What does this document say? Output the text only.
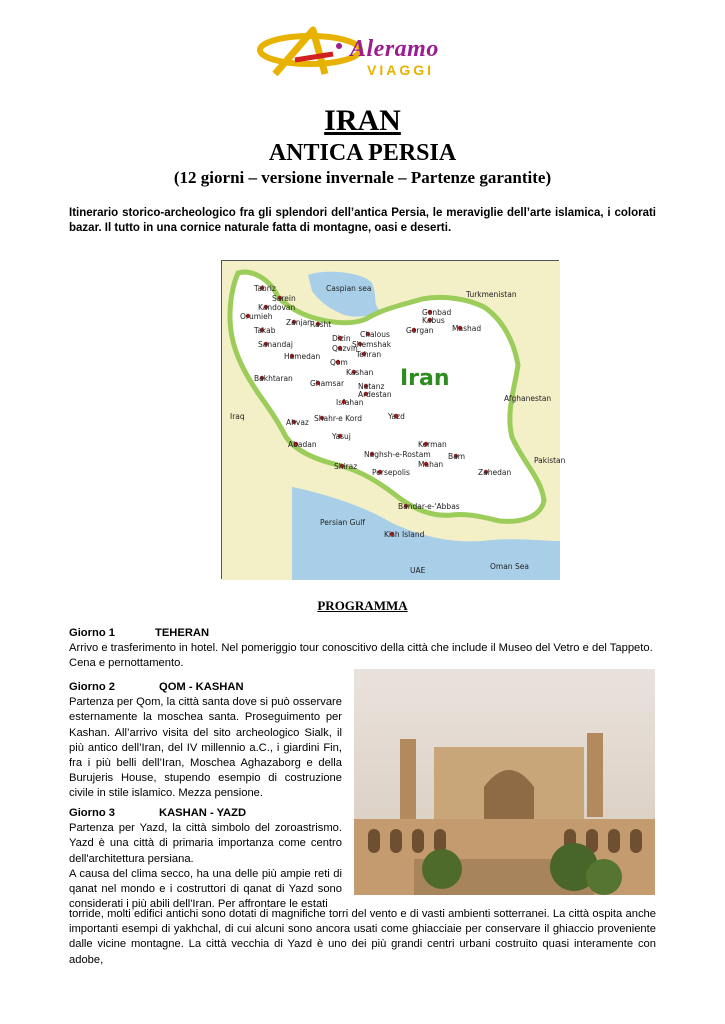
Aleramo
VIAGGI
IRAN
ANTICA PERSIA
(12 giorni – versione invernale – Partenze garantite)
Itinerario storico-archeologico fra gli splendori dell’antica Persia, le meraviglie dell’arte islamica, i colorati bazar. Il tutto in una cornice naturale fatta di montagne, oasi e deserti.
Iran
Caspian sea
Turkmenistan
Afghanestan
Pakistan
Iraq
Persian Gulf
UAE	Oman Sea
Tabriz
Sarein
Kandovan
Orumieh
Zanjan
Rasht
Takab
Sanandaj
Dizin Chalous
Qazvin
Shemshak
Tehran
Hamedan
Qom
Gonbad
Kabus
Gorgan Mashad
Bakhtaran
Kashan
Ghamsar Natanz
Ardestan
Isfahan
Shahr-e Kord	Yazd
Ahvaz
Yasuj
Kerman
Abadan
Naghsh-e-Rostam Bam
Shiraz
Persepolis
Mahan
Zahedan
Bandar-e-'Abbas
Kish Island
PROGRAMMA
Giorno 1	TEHERAN
Arrivo e trasferimento in hotel. Nel pomeriggio tour conoscitivo della città che include il Museo del Vetro e del Tappeto. Cena e pernottamento.
Giorno 2	QOM - KASHAN
Partenza per Qom, la città santa dove si può osservare esternamente la moschea santa. Proseguimento per Kashan. All’arrivo visita del sito archeologico Sialk, il più antico dell’Iran, del IV millennio a.C., i giardini Fin, fra i più belli dell’Iran, Moschea Aghazaborg e della Burujeris House, stupendo esempio di costruzione civile in stile islamico. Mezza pensione.
Giorno 3	KASHAN - YAZD
Partenza per Yazd, la città simbolo del zoroastrismo. Yazd è una città di primaria importanza come centro dell'architettura persiana.
A causa del clima secco, ha una delle più ampie reti di qanat nel mondo e i costruttori di qanat di Yazd sono considerati i più abili dell'Iran. Per affrontare le estati
torride, molti edifici antichi sono dotati di magnifiche torri del vento e di vasti ambienti sotterranei. La città ospita anche importanti esempi di yakhchal, di cui alcuni sono ancora usati come ghiacciaie per conservare il ghiaccio proveniente dalle vicine montagne. La città vecchia di Yazd è uno dei più grandi centri urbani costruito quasi interamente con adobe,
